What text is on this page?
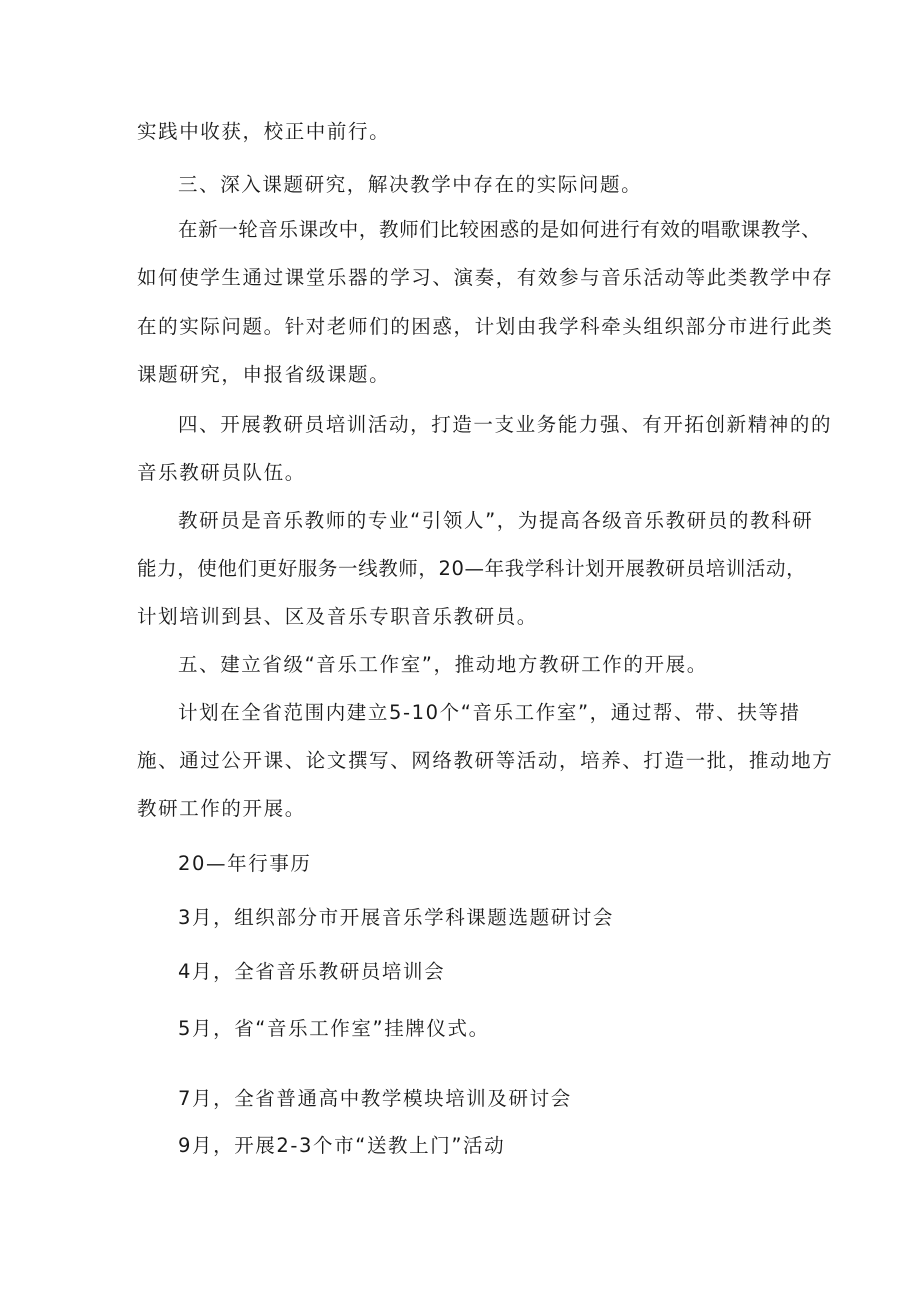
实践中收获，校正中前行。
三、深入课题研究，解决教学中存在的实际问题。
在新一轮音乐课改中，教师们比较困惑的是如何进行有效的唱歌课教学、
如何使学生通过课堂乐器的学习、演奏，有效参与音乐活动等此类教学中存
在的实际问题。针对老师们的困惑，计划由我学科牵头组织部分市进行此类
课题研究，申报省级课题。
四、开展教研员培训活动，打造一支业务能力强、有开拓创新精神的的
音乐教研员队伍。
教研员是音乐教师的专业“引领人”，为提高各级音乐教研员的教科研
能力，使他们更好服务一线教师，20—年我学科计划开展教研员培训活动，
计划培训到县、区及音乐专职音乐教研员。
五、建立省级“音乐工作室”，推动地方教研工作的开展。
计划在全省范围内建立5-10个“音乐工作室”，通过帮、带、扶等措
施、通过公开课、论文撰写、网络教研等活动，培养、打造一批，推动地方
教研工作的开展。
20—年行事历
3月，组织部分市开展音乐学科课题选题研讨会
4月，全省音乐教研员培训会
5月，省“音乐工作室”挂牌仪式。
7月，全省普通高中教学模块培训及研讨会
9月，开展2-3个市“送教上门”活动
